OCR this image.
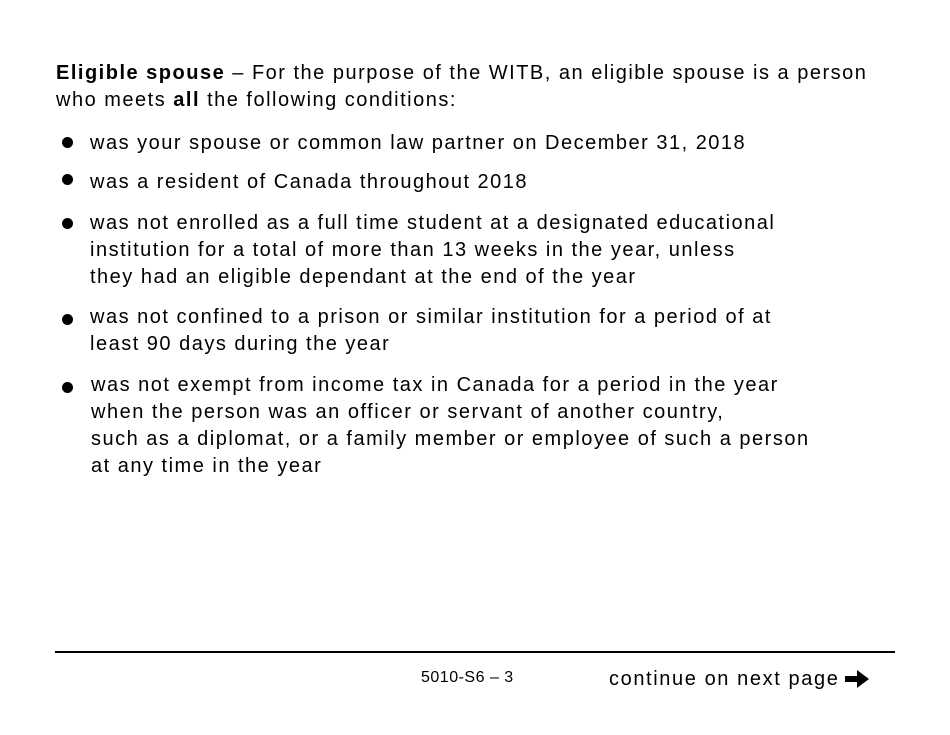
Eligible spouse – For the purpose of the WITB, an eligible spouse is a person who meets all the following conditions:

was your spouse or common law partner on December 31, 2018
was a resident of Canada throughout 2018
was not enrolled as a full time student at a designated educational
institution for a total of more than 13 weeks in the year, unless
they had an eligible dependant at the end of the year
was not confined to a prison or similar institution for a period of at
least 90 days during the year
was not exempt from income tax in Canada for a period in the year
when the person was an officer or servant of another country,
such as a diplomat, or a family member or employee of such a person
at any time in the year
5010-S6 – 3	continue on next page
